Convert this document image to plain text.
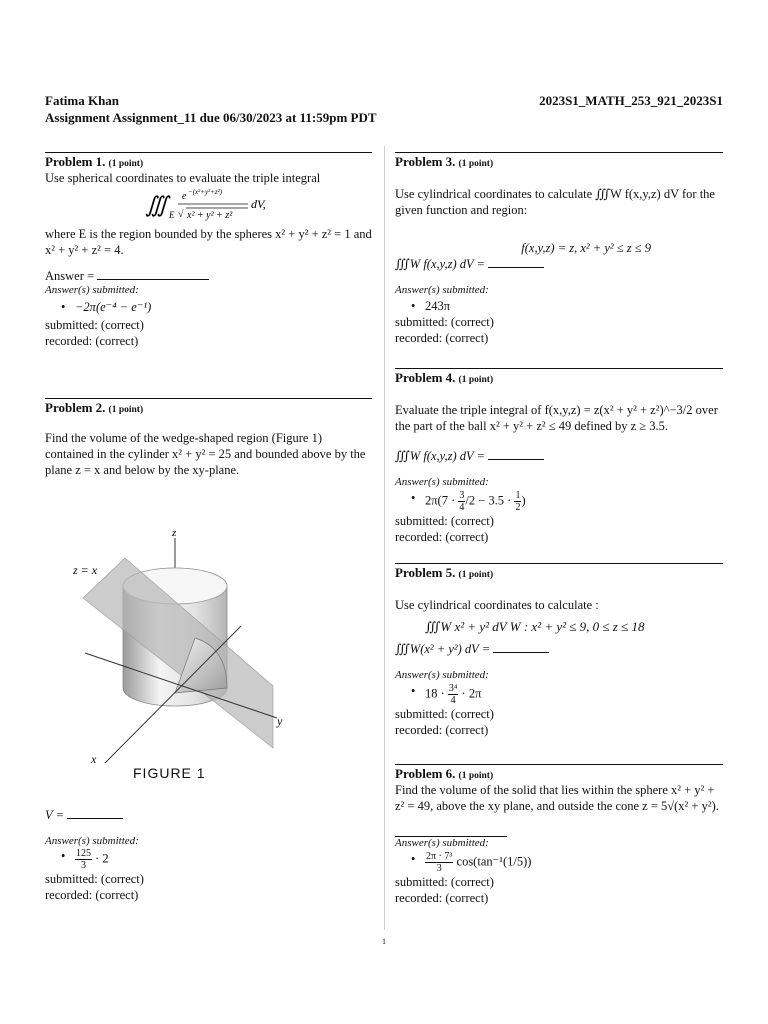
Fatima Khan	2023S1_MATH_253_921_2023S1
Assignment Assignment_11 due 06/30/2023 at 11:59pm PDT
Problem 1. (1 point)

Use spherical coordinates to evaluate the triple integral

∭ E
e −(x²+y²+z²)
√ x² + y² + z²
dV,

where E is the region bounded by the spheres x² + y² + z² = 1 and x² + y² + z² = 4.

Answer =

Answer(s) submitted:
• −2π(e⁻⁴ − e⁻¹)

submitted: (correct)

recorded: (correct)

Problem 2. (1 point)

Find the volume of the wedge-shaped region (Figure 1) contained in the cylinder x² + y² = 25 and bounded above by the plane z = x and below by the xy-plane.

z
z = x
y
x
FIGURE 1

V =

Answer(s) submitted:
• $\frac{125}{3} \cdot 2$

submitted: (correct)

recorded: (correct)

Problem 3. (1 point)

Use cylindrical coordinates to calculate ∭W f(x,y,z) dV for the given function and region:

f(x,y,z) = z, x² + y² ≤ z ≤ 9

∭W f(x,y,z) dV =

Answer(s) submitted:
• 243π

submitted: (correct)

recorded: (correct)

Problem 4. (1 point)

Evaluate the triple integral of f(x,y,z) = z(x² + y² + z²)^−3/2 over the part of the ball x² + y² + z² ≤ 49 defined by z ≥ 3.5.

∭W f(x,y,z) dV =

Answer(s) submitted:
• $2\pi(7 \cdot \frac{3}{4} /2 - 3.5 \cdot \frac{1}{2}$ )

submitted: (correct)

recorded: (correct)

Problem 5. (1 point)

Use cylindrical coordinates to calculate :

∭W x² + y² dV W : x² + y² ≤ 9, 0 ≤ z ≤ 18

∭W(x² + y²) dV =

Answer(s) submitted:
• $18 \cdot \frac{\text{3⁴}}{4} \cdot 2\pi$

submitted: (correct)

recorded: (correct)

Problem 6. (1 point)

Find the volume of the solid that lies within the sphere x² + y² + z² = 49, above the xy plane, and outside the cone z = 5√(x² + y²).

Answer(s) submitted:
• $\frac{\text{2π · 7³}}{3} \cos(\tan^{-1}(1/5))$

submitted: (correct)

recorded: (correct)

1
